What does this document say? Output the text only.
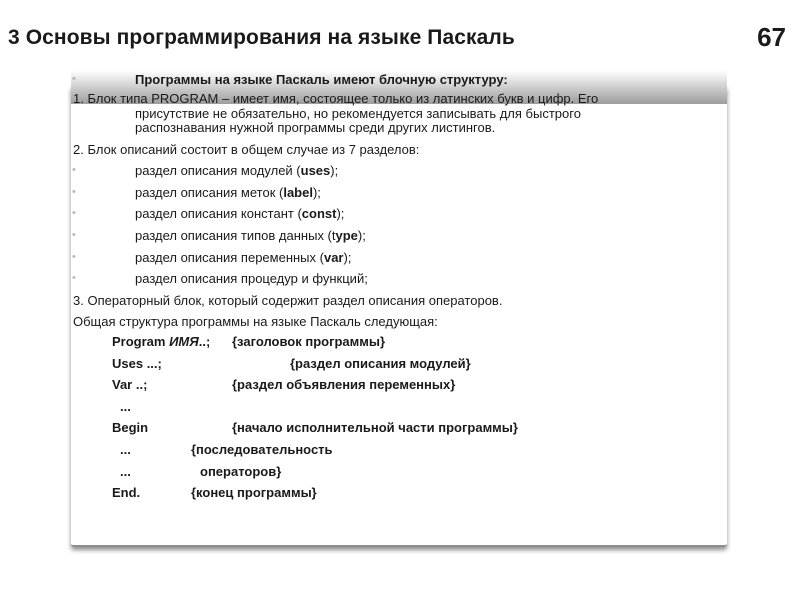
3 Основы программирования на языке Паскаль	67
•	Программы на языке Паскаль имеют блочную структуру:
1. Блок типа PROGRAM – имеет имя, состоящее только из латинских букв и цифр. Его
присутствие не обязательно, но рекомендуется записывать для быстрого
распознавания нужной программы среди других листингов.
2. Блок описаний состоит в общем случае из 7 разделов:
•	раздел описания модулей (uses);
•	раздел описания меток (label);
•	раздел описания констант (const);
•	раздел описания типов данных (type);
•	раздел описания переменных (var);
•	раздел описания процедур и функций;
3. Операторный блок, который содержит раздел описания операторов.
Общая структура программы на языке Паскаль следующая:
Program ИМЯ..; {заголовок программы}
Uses ...;	{раздел описания модулей}
Var ..;	{раздел объявления переменных}
...
Begin	{начало исполнительной части программы}
...	{последовательность
...	операторов}
End.	{конец программы}
